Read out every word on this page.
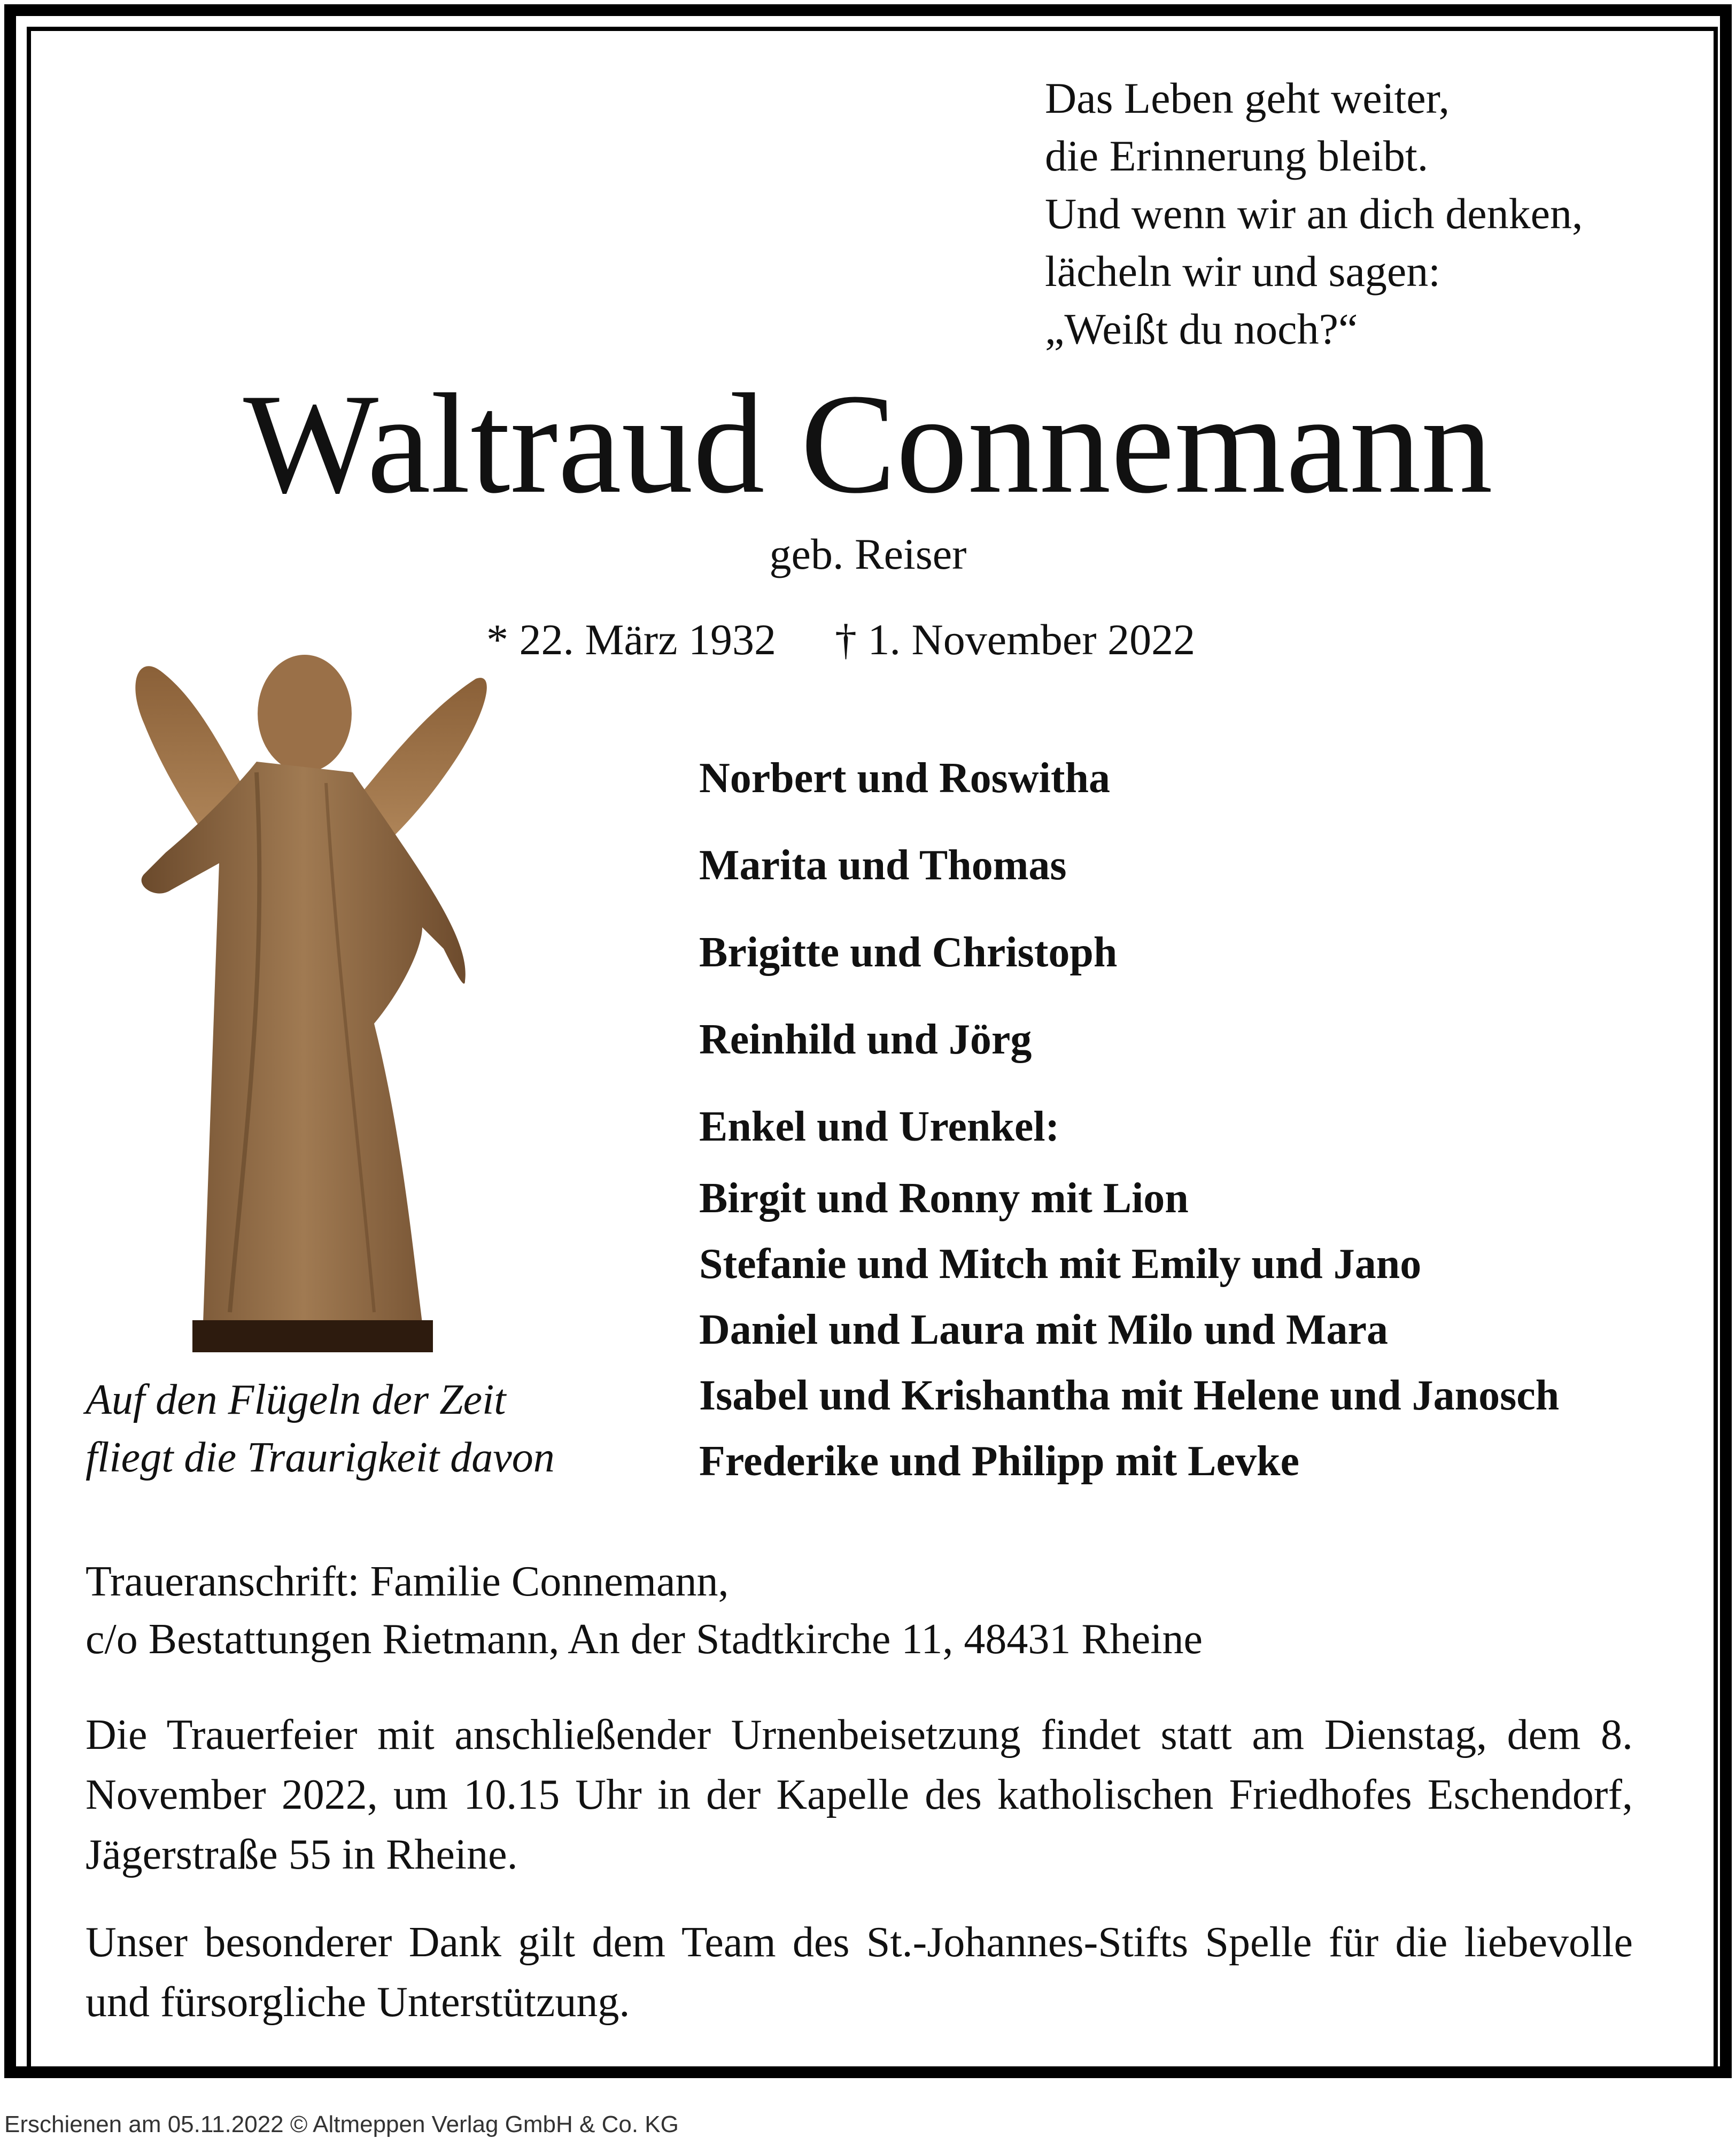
Das Leben geht weiter,
die Erinnerung bleibt.
Und wenn wir an dich denken,
lächeln wir und sagen:
„Weißt du noch?“
Waltraud Connemann
geb. Reiser
* 22. März 1932 † 1. November 2022
Auf den Flügeln der Zeit
fliegt die Traurigkeit davon
Norbert und Roswitha
Marita und Thomas
Brigitte und Christoph
Reinhild und Jörg
Enkel und Urenkel:
Birgit und Ronny mit Lion
Stefanie und Mitch mit Emily und Jano
Daniel und Laura mit Milo und Mara
Isabel und Krishantha mit Helene und Janosch
Frederike und Philipp mit Levke
Traueranschrift: Familie Connemann,
c/o Bestattungen Rietmann, An der Stadtkirche 11, 48431 Rheine
Die Trauerfeier mit anschließender Urnenbeisetzung findet statt am Dienstag, dem 8. November 2022, um 10.15 Uhr in der Kapelle des katholischen Friedhofes Eschendorf, Jägerstraße 55 in Rheine.
Unser besonderer Dank gilt dem Team des St.-Johannes-Stifts Spelle für die liebevolle und fürsorgliche Unterstützung.
Erschienen am 05.11.2022 © Altmeppen Verlag GmbH & Co. KG
